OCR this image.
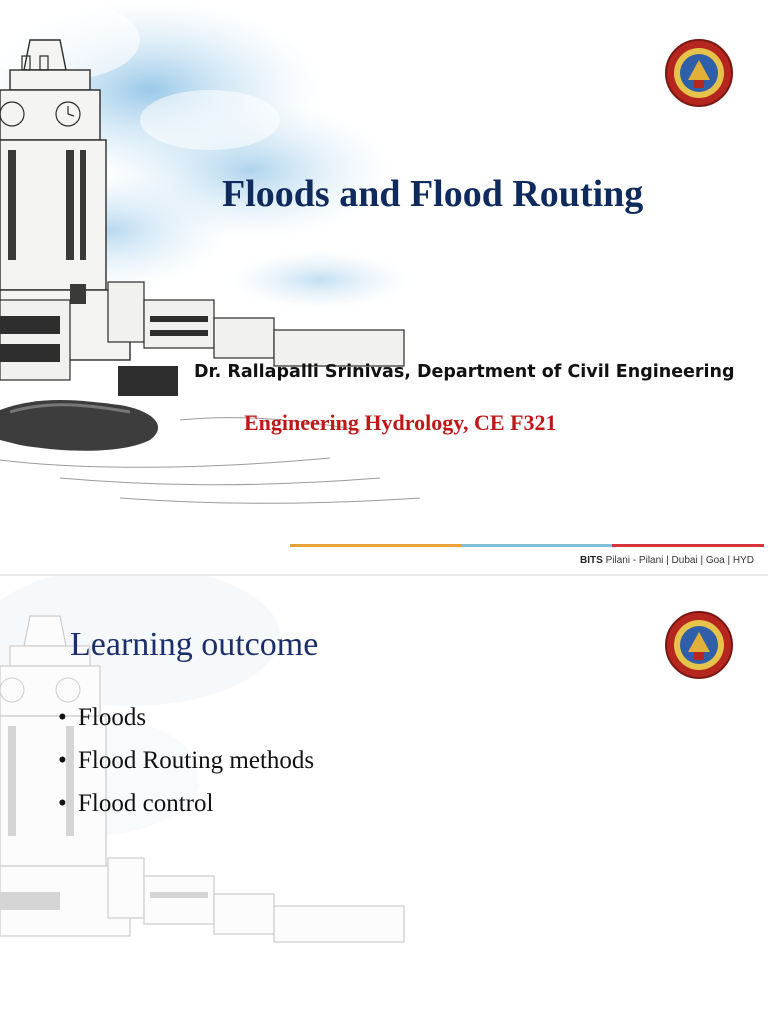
Floods and Flood Routing
Dr. Rallapalli Srinivas, Department of Civil Engineering
Engineering Hydrology, CE F321
BITS Pilani - Pilani | Dubai | Goa | HYD
Learning outcome
• Floods
• Flood Routing methods
• Flood control
